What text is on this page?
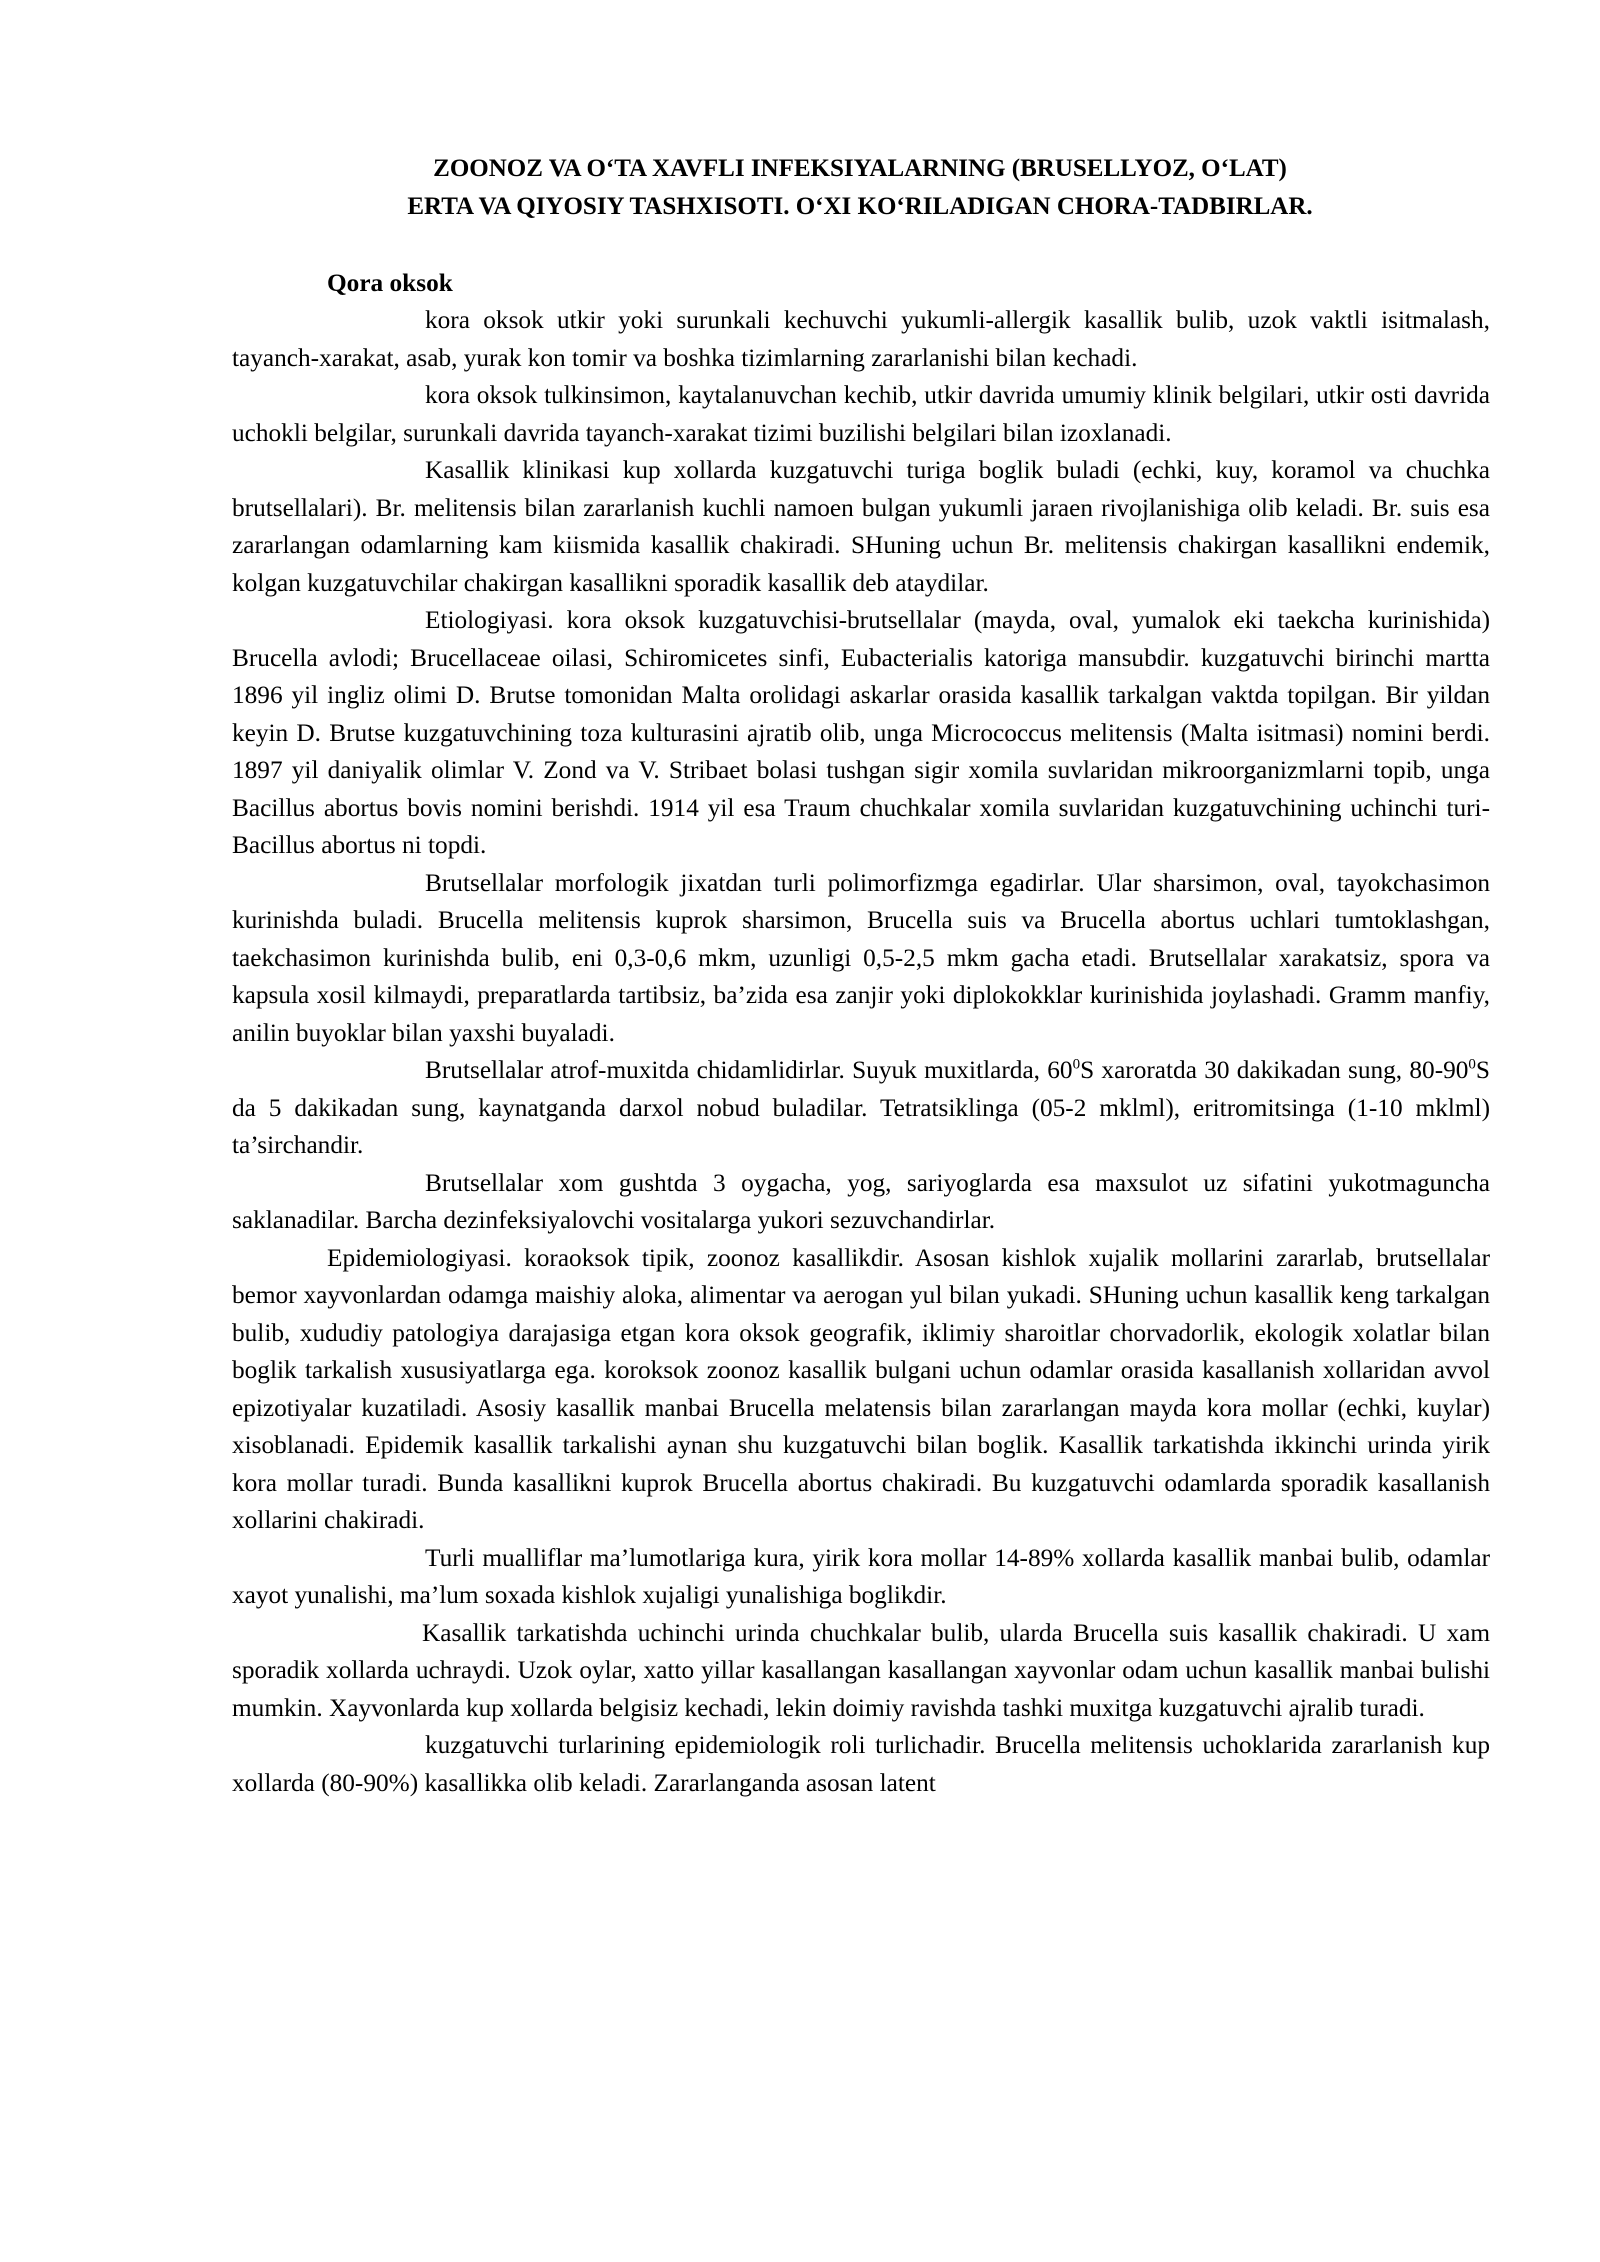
ZOONOZ VA OʻTA XAVFLI INFEKSIYALARNING (BRUSELLYOZ, OʻLAT)
ERTA VA QIYOSIY TASHXISOTI. OʻXI KOʻRILADIGAN CHORA-TADBIRLAR.
Qora oksok

kora oksok utkir yoki surunkali kechuvchi yukumli-allergik kasallik bulib, uzok vaktli isitmalash, tayanch-xarakat, asab, yurak kon tomir va boshka tizimlarning zararlanishi bilan kechadi.

kora oksok tulkinsimon, kaytalanuvchan kechib, utkir davrida umumiy klinik belgilari, utkir osti davrida uchokli belgilar, surunkali davrida tayanch-xarakat tizimi buzilishi belgilari bilan izoxlanadi.

Kasallik klinikasi kup xollarda kuzgatuvchi turiga boglik buladi (echki, kuy, koramol va chuchka brutsellalari). Br. melitensis bilan zararlanish kuchli namoen bulgan yukumli jaraen rivojlanishiga olib keladi. Br. suis esa zararlangan odamlarning kam kiismida kasallik chakiradi. SHuning uchun Br. melitensis chakirgan kasallikni endemik, kolgan kuzgatuvchilar chakirgan kasallikni sporadik kasallik deb ataydilar.

Etiologiyasi. kora oksok kuzgatuvchisi-brutsellalar (mayda, oval, yumalok eki taekcha kurinishida) Brucella avlodi; Brucellaceae oilasi, Schiromicetes sinfi, Eubacterialis katoriga mansubdir. kuzgatuvchi birinchi martta 1896 yil ingliz olimi D. Brutse tomonidan Malta orolidagi askarlar orasida kasallik tarkalgan vaktda topilgan. Bir yildan keyin D. Brutse kuzgatuvchining toza kulturasini ajratib olib, unga Micrococcus melitensis (Malta isitmasi) nomini berdi. 1897 yil daniyalik olimlar V. Zond va V. Stribaet bolasi tushgan sigir xomila suvlaridan mikroorganizmlarni topib, unga Bacillus abortus bovis nomini berishdi. 1914 yil esa Traum chuchkalar xomila suvlaridan kuzgatuvchining uchinchi turi- Bacillus abortus ni topdi.

Brutsellalar morfologik jixatdan turli polimorfizmga egadirlar. Ular sharsimon, oval, tayokchasimon kurinishda buladi. Brucella melitensis kuprok sharsimon, Brucella suis va Brucella abortus uchlari tumtoklashgan, taekchasimon kurinishda bulib, eni 0,3-0,6 mkm, uzunligi 0,5-2,5 mkm gacha etadi. Brutsellalar xarakatsiz, spora va kapsula xosil kilmaydi, preparatlarda tartibsiz, ba’zida esa zanjir yoki diplokokklar kurinishida joylashadi. Gramm manfiy, anilin buyoklar bilan yaxshi buyaladi.

Brutsellalar atrof-muxitda chidamlidirlar. Suyuk muxitlarda, $60^0S$ xaroratda 30 dakikadan sung, $80-90^0S$ da 5 dakikadan sung, kaynatganda darxol nobud buladilar. Tetratsiklinga (05-2 mklml), eritromitsinga (1-10 mklml) ta’sirchandir.

Brutsellalar xom gushtda 3 oygacha, yog, sariyoglarda esa maxsulot uz sifatini yukotmaguncha saklanadilar. Barcha dezinfeksiyalovchi vositalarga yukori sezuvchandirlar.

Epidemiologiyasi. koraoksok tipik, zoonoz kasallikdir. Asosan kishlok xujalik mollarini zararlab, brutsellalar bemor xayvonlardan odamga maishiy aloka, alimentar va aerogan yul bilan yukadi. SHuning uchun kasallik keng tarkalgan bulib, xududiy patologiya darajasiga etgan kora oksok geografik, iklimiy sharoitlar chorvadorlik, ekologik xolatlar bilan boglik tarkalish xususiyatlarga ega. koroksok zoonoz kasallik bulgani uchun odamlar orasida kasallanish xollaridan avvol epizotiyalar kuzatiladi. Asosiy kasallik manbai Brucella melatensis bilan zararlangan mayda kora mollar (echki, kuylar) xisoblanadi. Epidemik kasallik tarkalishi aynan shu kuzgatuvchi bilan boglik. Kasallik tarkatishda ikkinchi urinda yirik kora mollar turadi. Bunda kasallikni kuprok Brucella abortus chakiradi. Bu kuzgatuvchi odamlarda sporadik kasallanish xollarini chakiradi.

Turli mualliflar ma’lumotlariga kura, yirik kora mollar 14-89% xollarda kasallik manbai bulib, odamlar xayot yunalishi, ma’lum soxada kishlok xujaligi yunalishiga boglikdir.

Kasallik tarkatishda uchinchi urinda chuchkalar bulib, ularda Brucella suis kasallik chakiradi. U xam sporadik xollarda uchraydi. Uzok oylar, xatto yillar kasallangan kasallangan xayvonlar odam uchun kasallik manbai bulishi mumkin. Xayvonlarda kup xollarda belgisiz kechadi, lekin doimiy ravishda tashki muxitga kuzgatuvchi ajralib turadi.

kuzgatuvchi turlarining epidemiologik roli turlichadir. Brucella melitensis uchoklarida zararlanish kup xollarda (80-90%) kasallikka olib keladi. Zararlanganda asosan latent
